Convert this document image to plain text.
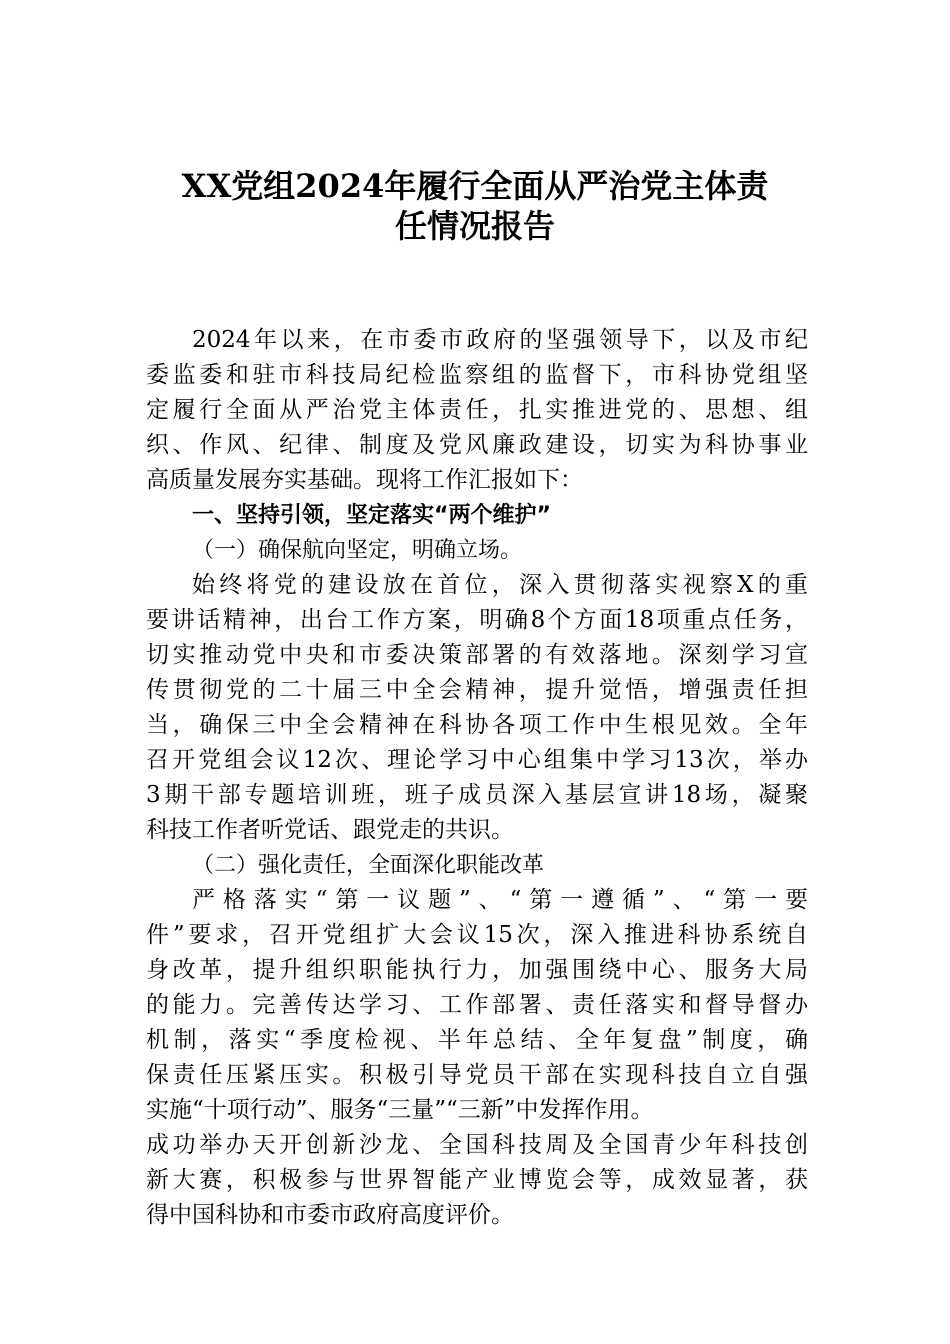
XX党组2024年履行全面从严治党主体责
任情况报告
2024年以来，在市委市政府的坚强领导下，以及市纪
委监委和驻市科技局纪检监察组的监督下，市科协党组坚
定履行全面从严治党主体责任，扎实推进党的、思想、组
织、作风、纪律、制度及党风廉政建设，切实为科协事业
高质量发展夯实基础。现将工作汇报如下：
一、坚持引领，坚定落实“两个维护”
（一）确保航向坚定，明确立场。
始终将党的建设放在首位，深入贯彻落实视察X的重
要讲话精神，出台工作方案，明确8个方面18项重点任务，
切实推动党中央和市委决策部署的有效落地。深刻学习宣
传贯彻党的二十届三中全会精神，提升觉悟，增强责任担
当，确保三中全会精神在科协各项工作中生根见效。全年
召开党组会议12次、理论学习中心组集中学习13次，举办
3期干部专题培训班，班子成员深入基层宣讲18场，凝聚
科技工作者听党话、跟党走的共识。
（二）强化责任，全面深化职能改革
严格落实“第一议题”、“第一遵循”、“第一要
件”要求，召开党组扩大会议15次，深入推进科协系统自
身改革，提升组织职能执行力，加强围绕中心、服务大局
的能力。完善传达学习、工作部署、责任落实和督导督办
机制，落实“季度检视、半年总结、全年复盘”制度，确
保责任压紧压实。积极引导党员干部在实现科技自立自强
实施“十项行动”、服务“三量”“三新”中发挥作用。
成功举办天开创新沙龙、全国科技周及全国青少年科技创
新大赛，积极参与世界智能产业博览会等，成效显著，获
得中国科协和市委市政府高度评价。
